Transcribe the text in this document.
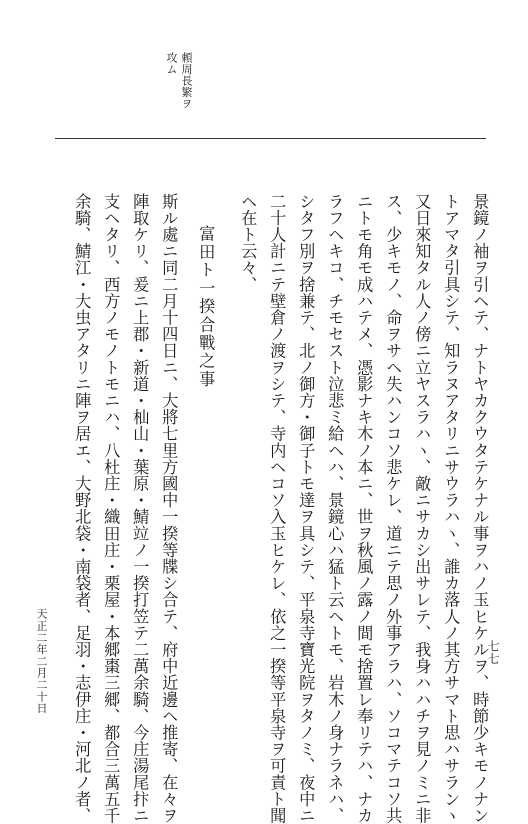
頼周長繁ヲ
攻ム
景鏡ノ袖ヲ引ヘテ、ナトヤカクウタテケナル事ヲハノ玉ヒケルヲ、時節少キモノナン
トアマタ引具シテ、知ラヌアタリニサウラハヽ、誰カ落人ノ其方サマト思ハサランヽ
又日來知タル人ノ傍ニ立ヤスラハヽ、敵ニサカシ出サレテ、我身ハハチヲ見ノミニ非
ス、少キモノ、命ヲサヘ失ハンコソ悲ケレ、道ニテ思ノ外事アラハ、ソコマテコソ共
ニトモ角モ成ハテメ、憑影ナキ木ノ本ニ、世ヲ秋風ノ露ノ間モ捨置レ奉リテハ、ナカ
ラフヘキコ、チモセスト泣悲ミ給ヘハ、景鏡心ハ猛ト云ヘトモ、岩木ノ身ナラネハ、
シタフ別ヲ捨兼テ、北ノ御方・御子トモ達ヲ具シテ、平泉寺寶光院ヲタノミ、夜中ニ
二十人計ニテ壁倉ノ渡ヲシテ、寺内ヘコソ入玉ヒケレ、依之一揆等平泉寺ヲ可責ト聞
ヘ在ト云々、
富田ト一揆合戰之事
斯ル處ニ同二月十四日ニ、大將七里方國中一揆等牒シ合テ、府中近邊ヘ推寄、在々ヲ
陣取ケリ、爰ニ上郡・新道・杣山・葉原・鯖竝ノ一揆打笠テ二萬余騎、今庄湯尾抃ニ
支ヘタリ、西方ノモノトモニハ、八杜庄・織田庄・栗屋・本郷棗三郷、都合三萬五千
余騎、鯖江・大虫アタリニ陣ヲ居エ、大野北袋・南袋者、足羽・志伊庄・河北ノ者、
天正二年二月二十日	七七
